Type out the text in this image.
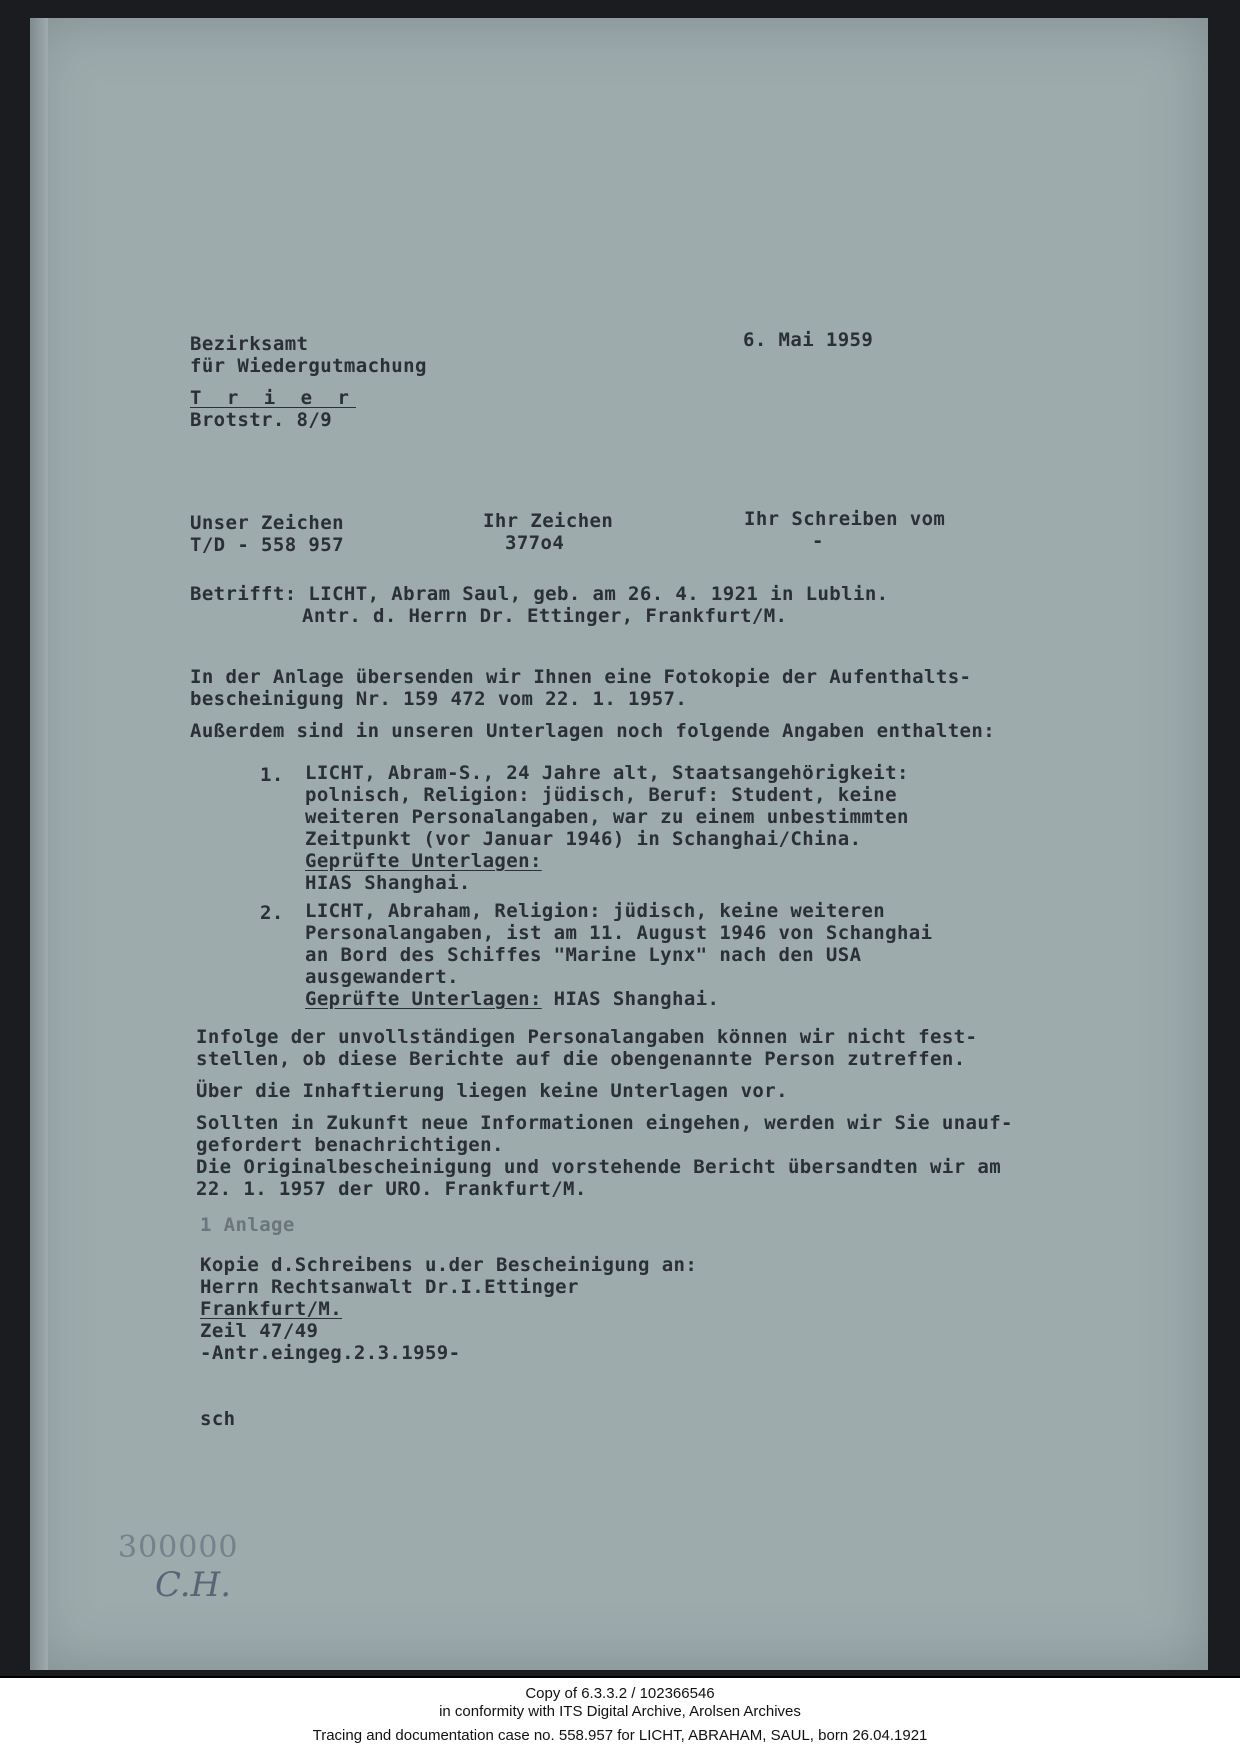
Bezirksamt
für Wiedergutmachung
T r i e r
Brotstr. 8/9
6. Mai 1959
Unser Zeichen
T/D - 558 957
Ihr Zeichen
377o4
Ihr Schreiben vom
-
Betrifft: LICHT, Abram Saul, geb. am 26. 4. 1921 in Lublin.
Antr. d. Herrn Dr. Ettinger, Frankfurt/M.
In der Anlage übersenden wir Ihnen eine Fotokopie der Aufenthalts-
bescheinigung Nr. 159 472 vom 22. 1. 1957.
Außerdem sind in unseren Unterlagen noch folgende Angaben enthalten:
1. LICHT, Abram-S., 24 Jahre alt, Staatsangehörigkeit:
polnisch, Religion: jüdisch, Beruf: Student, keine
weiteren Personalangaben, war zu einem unbestimmten
Zeitpunkt (vor Januar 1946) in Schanghai/China.
Geprüfte Unterlagen:
HIAS Shanghai.
2. LICHT, Abraham, Religion: jüdisch, keine weiteren
Personalangaben, ist am 11. August 1946 von Schanghai
an Bord des Schiffes "Marine Lynx" nach den USA
ausgewandert.
Geprüfte Unterlagen: HIAS Shanghai.
Infolge der unvollständigen Personalangaben können wir nicht fest-
stellen, ob diese Berichte auf die obengenannte Person zutreffen.
Über die Inhaftierung liegen keine Unterlagen vor.
Sollten in Zukunft neue Informationen eingehen, werden wir Sie unauf-
gefordert benachrichtigen.
Die Originalbescheinigung und vorstehende Bericht übersandten wir am
22. 1. 1957 der URO. Frankfurt/M.
1 Anlage
Kopie d.Schreibens u.der Bescheinigung an:
Herrn Rechtsanwalt Dr.I.Ettinger
Frankfurt/M.
Zeil 47/49
-Antr.eingeg.2.3.1959-
300000
C.H.
sch
Copy of 6.3.3.2 / 102366546
in conformity with ITS Digital Archive, Arolsen Archives
Tracing and documentation case no. 558.957 for LICHT, ABRAHAM, SAUL, born 26.04.1921
